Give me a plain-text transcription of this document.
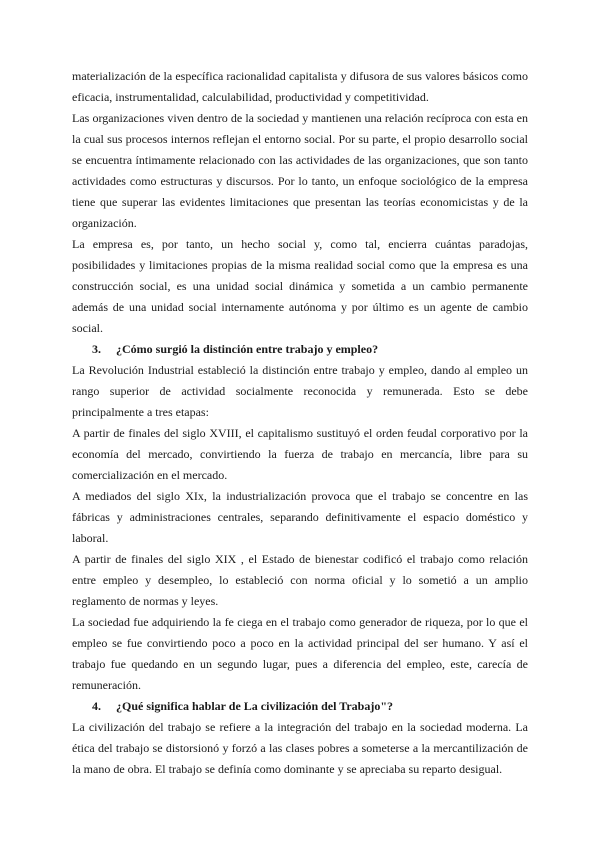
materialización de la específica racionalidad capitalista y difusora de sus valores básicos como eficacia, instrumentalidad, calculabilidad, productividad y competitividad.

Las organizaciones viven dentro de la sociedad y mantienen una relación recíproca con esta en la cual sus procesos internos reflejan el entorno social. Por su parte, el propio desarrollo social se encuentra íntimamente relacionado con las actividades de las organizaciones, que son tanto actividades como estructuras y discursos. Por lo tanto, un enfoque sociológico de la empresa tiene que superar las evidentes limitaciones que presentan las teorías economicistas y de la organización.

La empresa es, por tanto, un hecho social y, como tal, encierra cuántas paradojas, posibilidades y limitaciones propias de la misma realidad social como que la empresa es una construcción social, es una unidad social dinámica y sometida a un cambio permanente además de una unidad social internamente autónoma y por último es un agente de cambio social.

3. ¿Cómo surgió la distinción entre trabajo y empleo?

La Revolución Industrial estableció la distinción entre trabajo y empleo, dando al empleo un rango superior de actividad socialmente reconocida y remunerada. Esto se debe principalmente a tres etapas:

A partir de finales del siglo XVIII, el capitalismo sustituyó el orden feudal corporativo por la economía del mercado, convirtiendo la fuerza de trabajo en mercancía, libre para su comercialización en el mercado.

A mediados del siglo XIx, la industrialización provoca que el trabajo se concentre en las fábricas y administraciones centrales, separando definitivamente el espacio doméstico y laboral.

A partir de finales del siglo XIX , el Estado de bienestar codificó el trabajo como relación entre empleo y desempleo, lo estableció con norma oficial y lo sometió a un amplio reglamento de normas y leyes.

La sociedad fue adquiriendo la fe ciega en el trabajo como generador de riqueza, por lo que el empleo se fue convirtiendo poco a poco en la actividad principal del ser humano. Y así el trabajo fue quedando en un segundo lugar, pues a diferencia del empleo, este, carecía de remuneración.

4. ¿Qué significa hablar de La civilización del Trabajo"?

La civilización del trabajo se refiere a la integración del trabajo en la sociedad moderna. La ética del trabajo se distorsionó y forzó a las clases pobres a someterse a la mercantilización de la mano de obra. El trabajo se definía como dominante y se apreciaba su reparto desigual.
